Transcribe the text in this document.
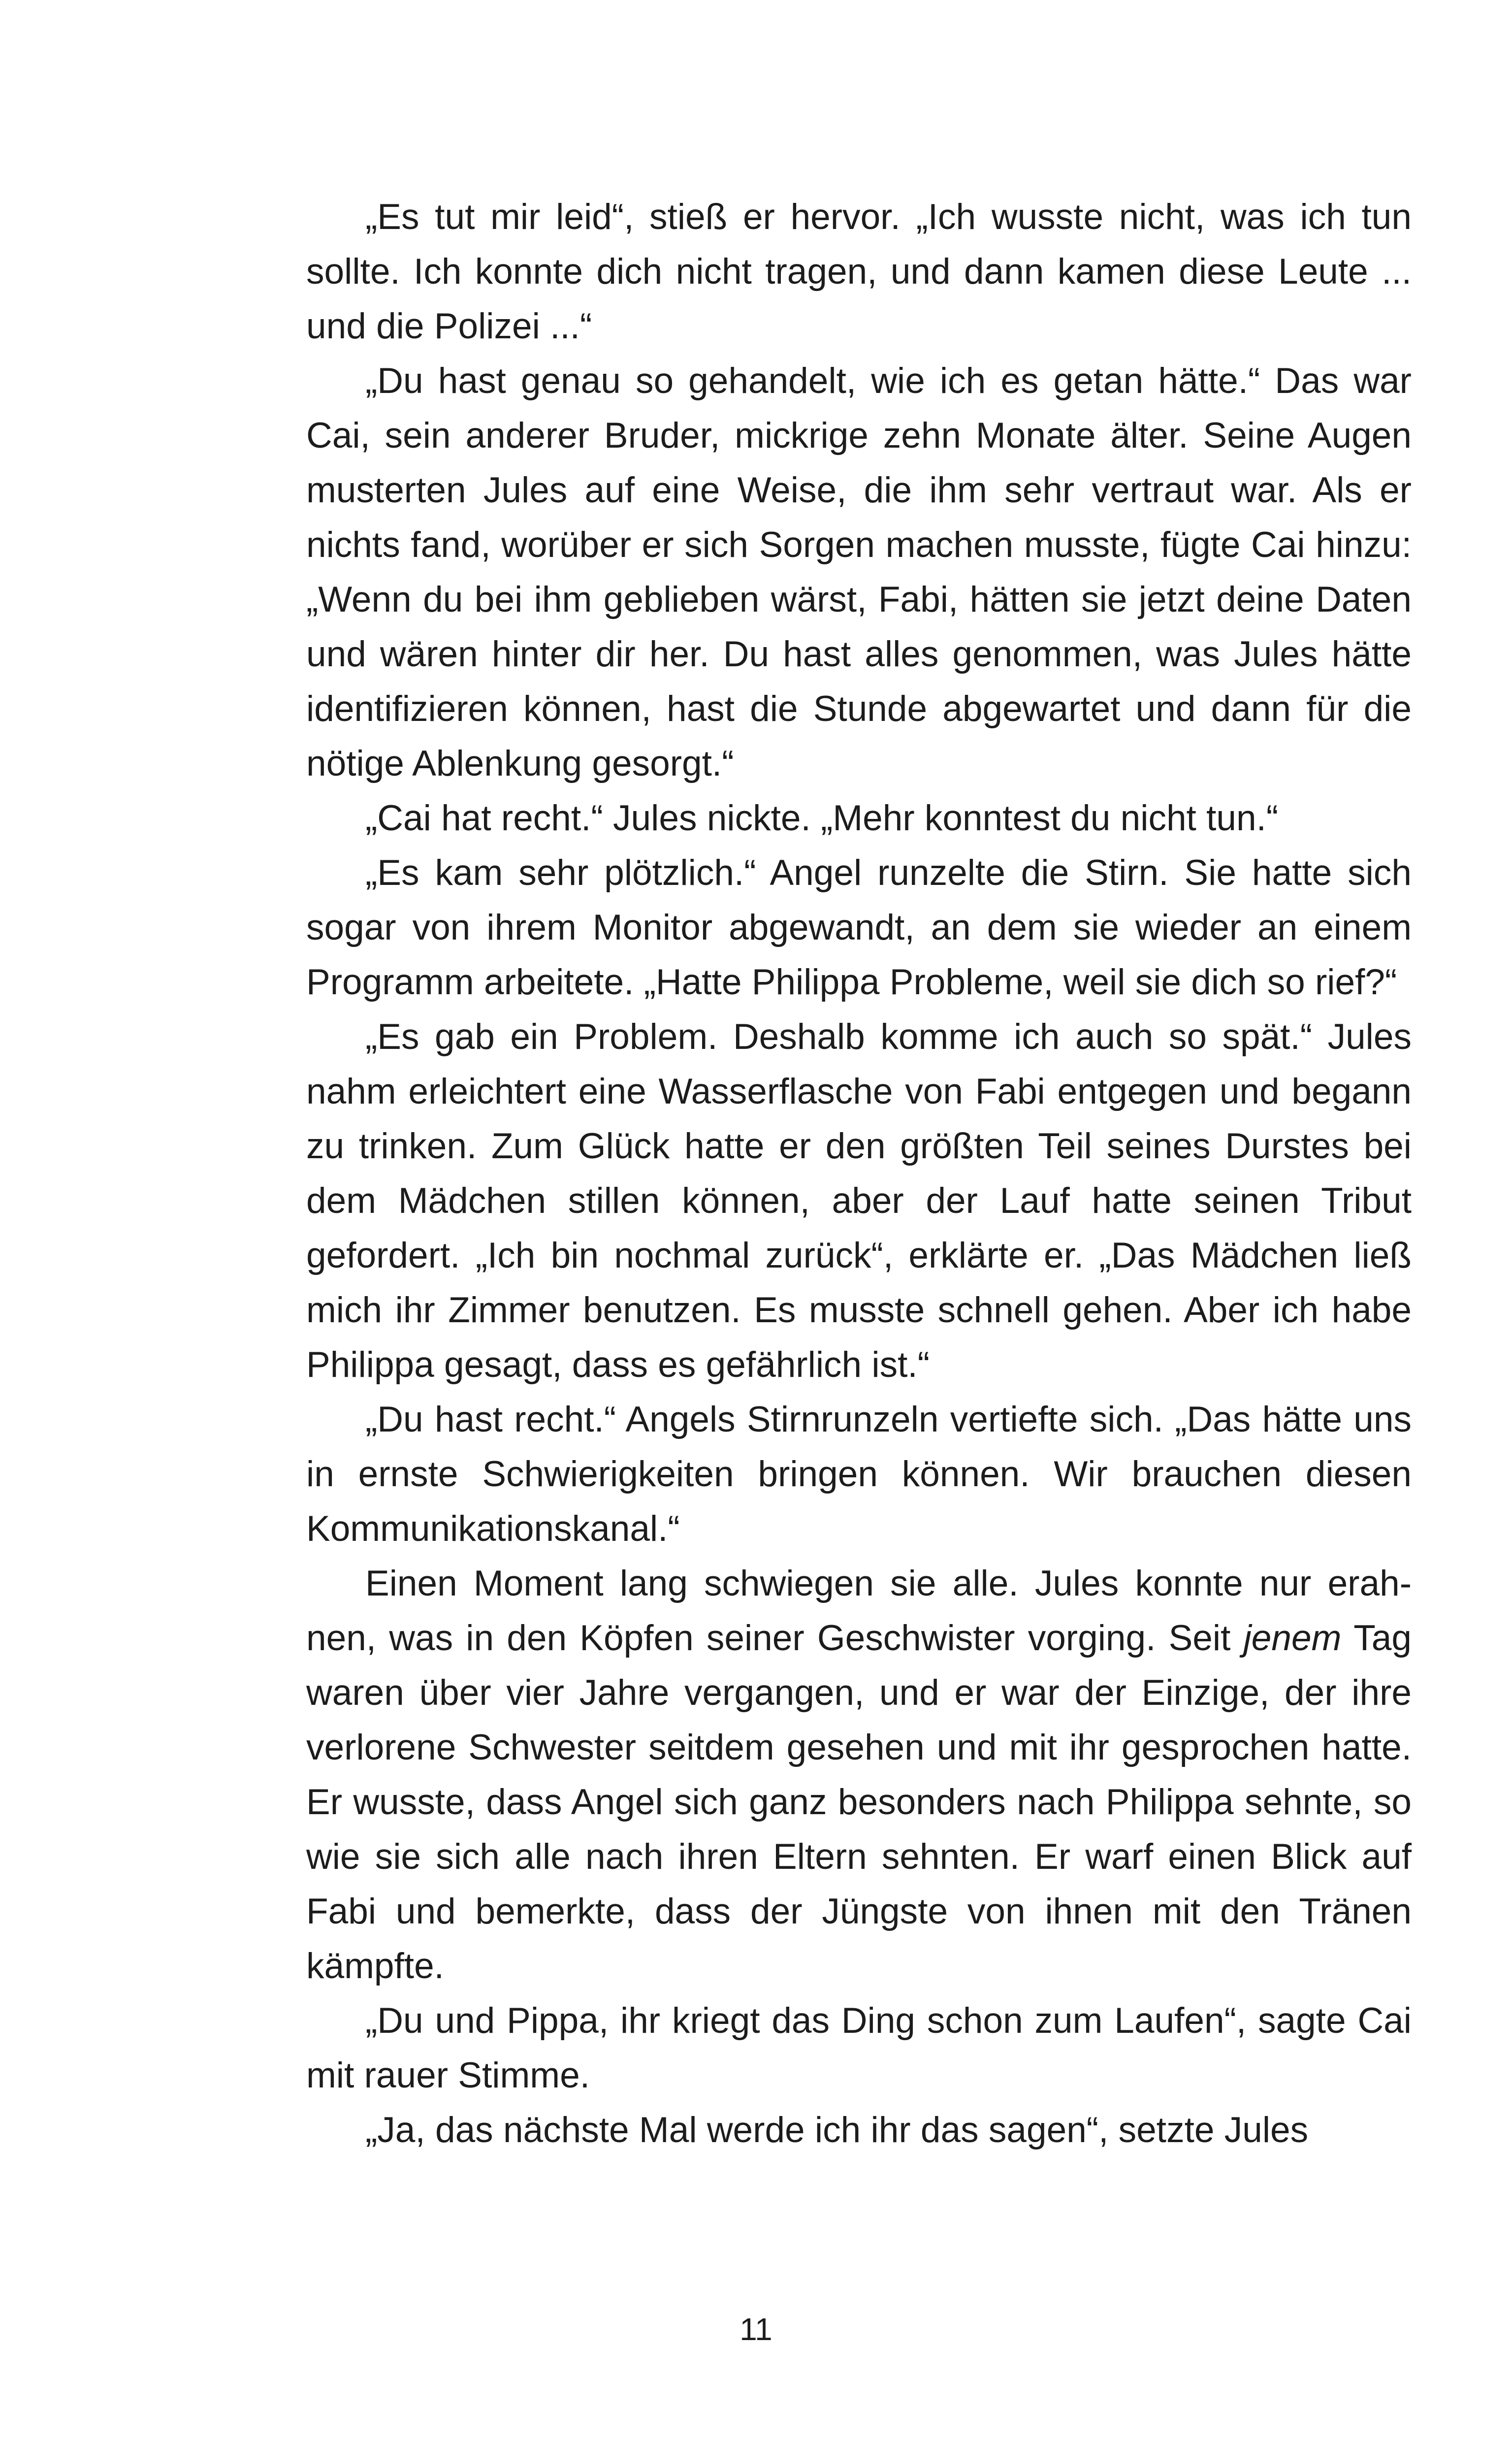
„Es tut mir leid“, stieß er hervor. „Ich wusste nicht, was ich tun sollte. Ich konnte dich nicht tragen, und dann kamen diese Leute ... und die Polizei ...“

„Du hast genau so gehandelt, wie ich es getan hätte.“ Das war Cai, sein anderer Bruder, mickrige zehn Monate älter. Seine Augen musterten Jules auf eine Weise, die ihm sehr vertraut war. Als er nichts fand, worüber er sich Sorgen machen musste, fügte Cai hinzu: „Wenn du bei ihm geblieben wärst, Fabi, hätten sie jetzt deine Daten und wären hinter dir her. Du hast alles genommen, was Jules hätte identifizieren können, hast die Stunde abgewartet und dann für die nötige Ablenkung gesorgt.“

„Cai hat recht.“ Jules nickte. „Mehr konntest du nicht tun.“

„Es kam sehr plötzlich.“ Angel runzelte die Stirn. Sie hatte sich sogar von ihrem Monitor abgewandt, an dem sie wieder an einem Programm arbeitete. „Hatte Philippa Probleme, weil sie dich so rief?“

„Es gab ein Problem. Deshalb komme ich auch so spät.“ Jules nahm erleichtert eine Wasserflasche von Fabi entgegen und begann zu trinken. Zum Glück hatte er den größten Teil seines Durstes bei dem Mädchen stillen können, aber der Lauf hatte seinen Tribut gefordert. „Ich bin nochmal zurück“, erklärte er. „Das Mädchen ließ mich ihr Zimmer benutzen. Es musste schnell gehen. Aber ich habe Philippa gesagt, dass es gefährlich ist.“

„Du hast recht.“ Angels Stirnrunzeln vertiefte sich. „Das hätte uns in ernste Schwierigkeiten bringen können. Wir brauchen diesen Kommunikationskanal.“

Einen Moment lang schwiegen sie alle. Jules konnte nur erahnen, was in den Köpfen seiner Geschwister vorging. Seit jenem Tag waren über vier Jahre vergangen, und er war der Einzige, der ihre verlorene Schwester seitdem gesehen und mit ihr gesprochen hatte. Er wusste, dass Angel sich ganz besonders nach Philippa sehnte, so wie sie sich alle nach ihren Eltern sehnten. Er warf einen Blick auf Fabi und bemerkte, dass der Jüngste von ihnen mit den Tränen kämpfte.

„Du und Pippa, ihr kriegt das Ding schon zum Laufen“, sagte Cai mit rauer Stimme.

„Ja, das nächste Mal werde ich ihr das sagen“, setzte Jules

11
